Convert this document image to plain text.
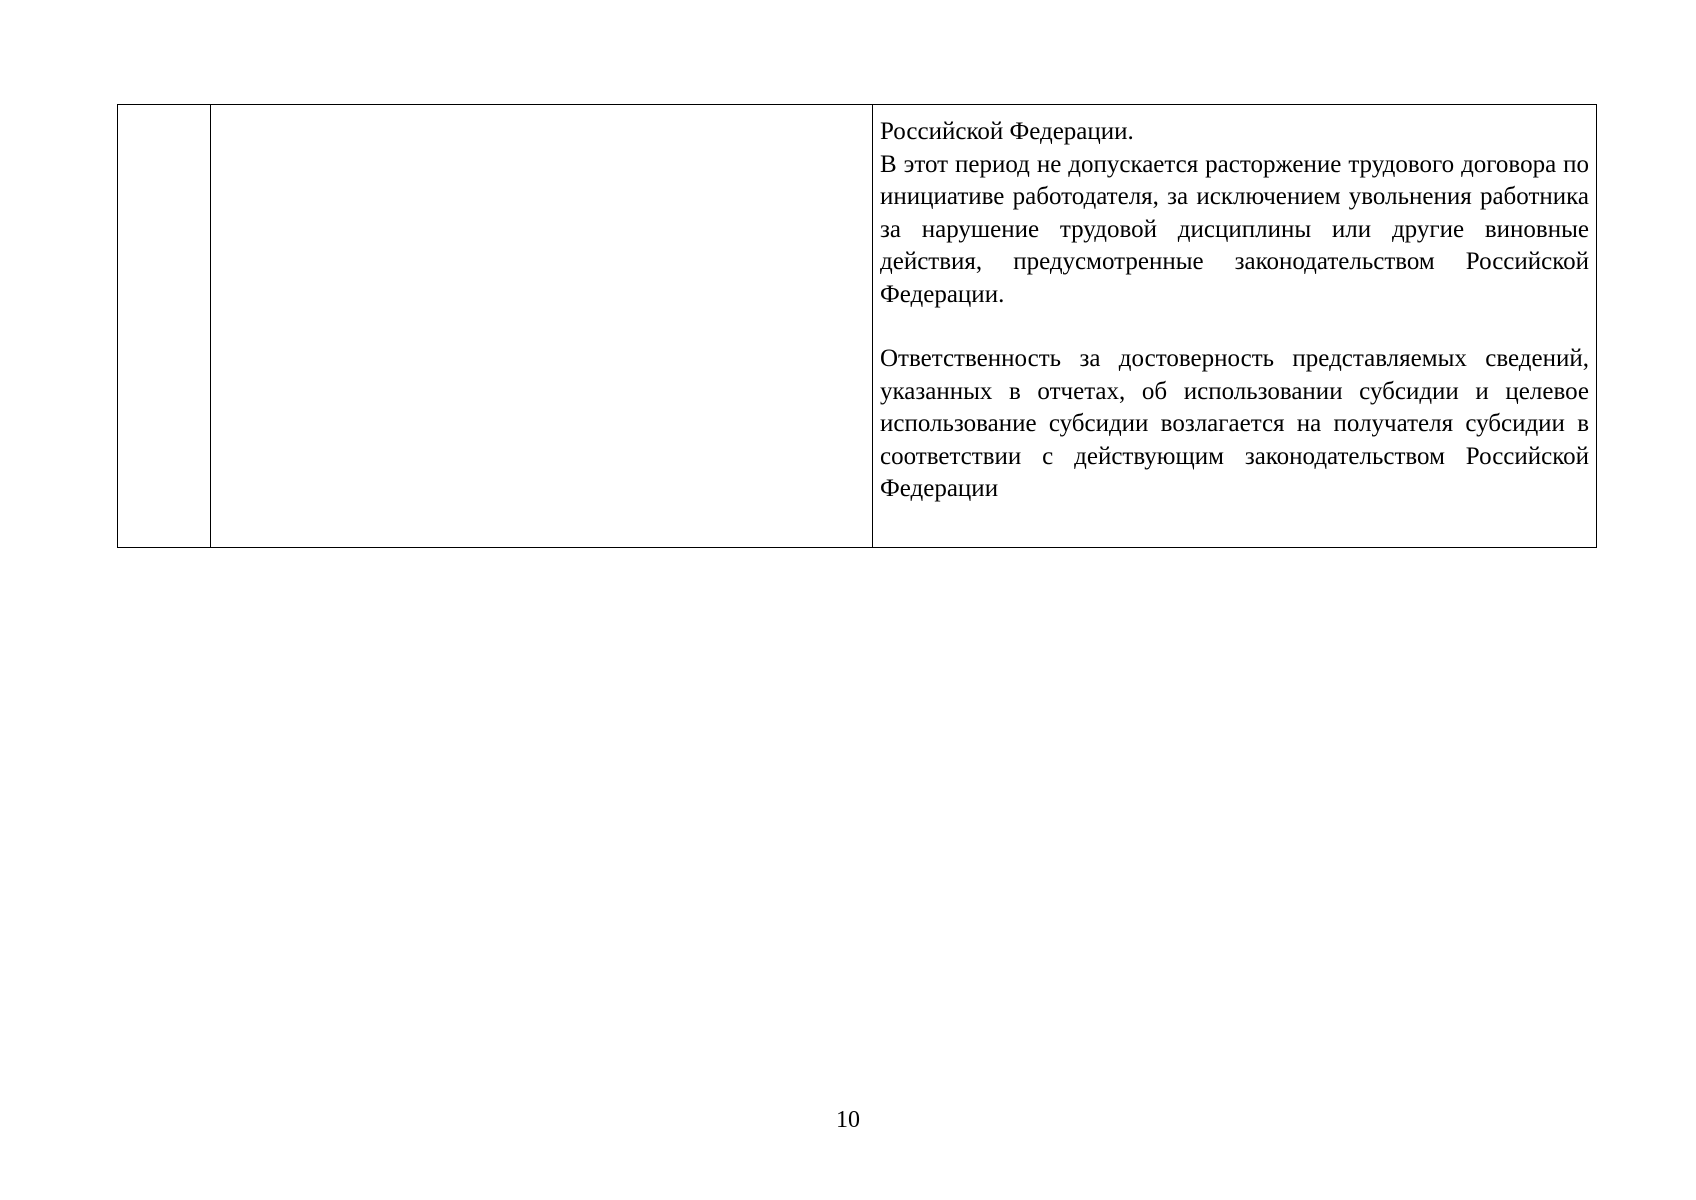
Российской Федерации.

В этот период не допускается расторжение трудового договора по инициативе работодателя, за исключением увольнения работника за нарушение трудовой дисциплины или другие виновные действия, предусмотренные законодательством Российской Федерации.

Ответственность за достоверность представляемых сведений, указанных в отчетах, об использовании субсидии и целевое использование субсидии возлагается на получателя субсидии в соответствии с действующим законодательством Российской Федерации

10
